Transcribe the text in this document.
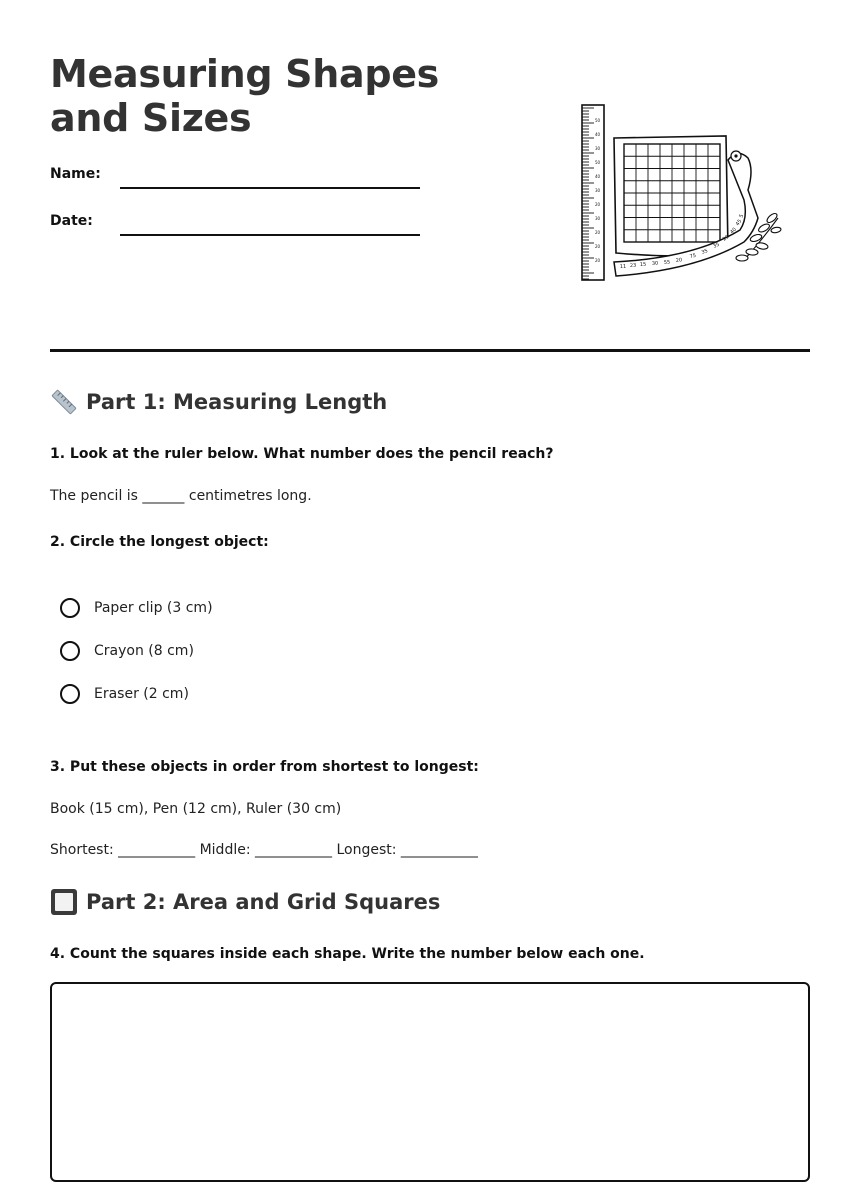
Measuring Shapes and Sizes
Name:
Date:
50
40
30
50
40
30
20
30
20
20
20
11 23 15 30 55 20
75
35
35
29
40
45
5
Part 1: Measuring Length
1. Look at the ruler below. What number does the pencil reach?
The pencil is ______ centimetres long.
2. Circle the longest object:
Paper clip (3 cm)
Crayon (8 cm)
Eraser (2 cm)
3. Put these objects in order from shortest to longest:
Book (15 cm), Pen (12 cm), Ruler (30 cm)
Shortest: ___________ Middle: ___________ Longest: ___________
Part 2: Area and Grid Squares
4. Count the squares inside each shape. Write the number below each one.
